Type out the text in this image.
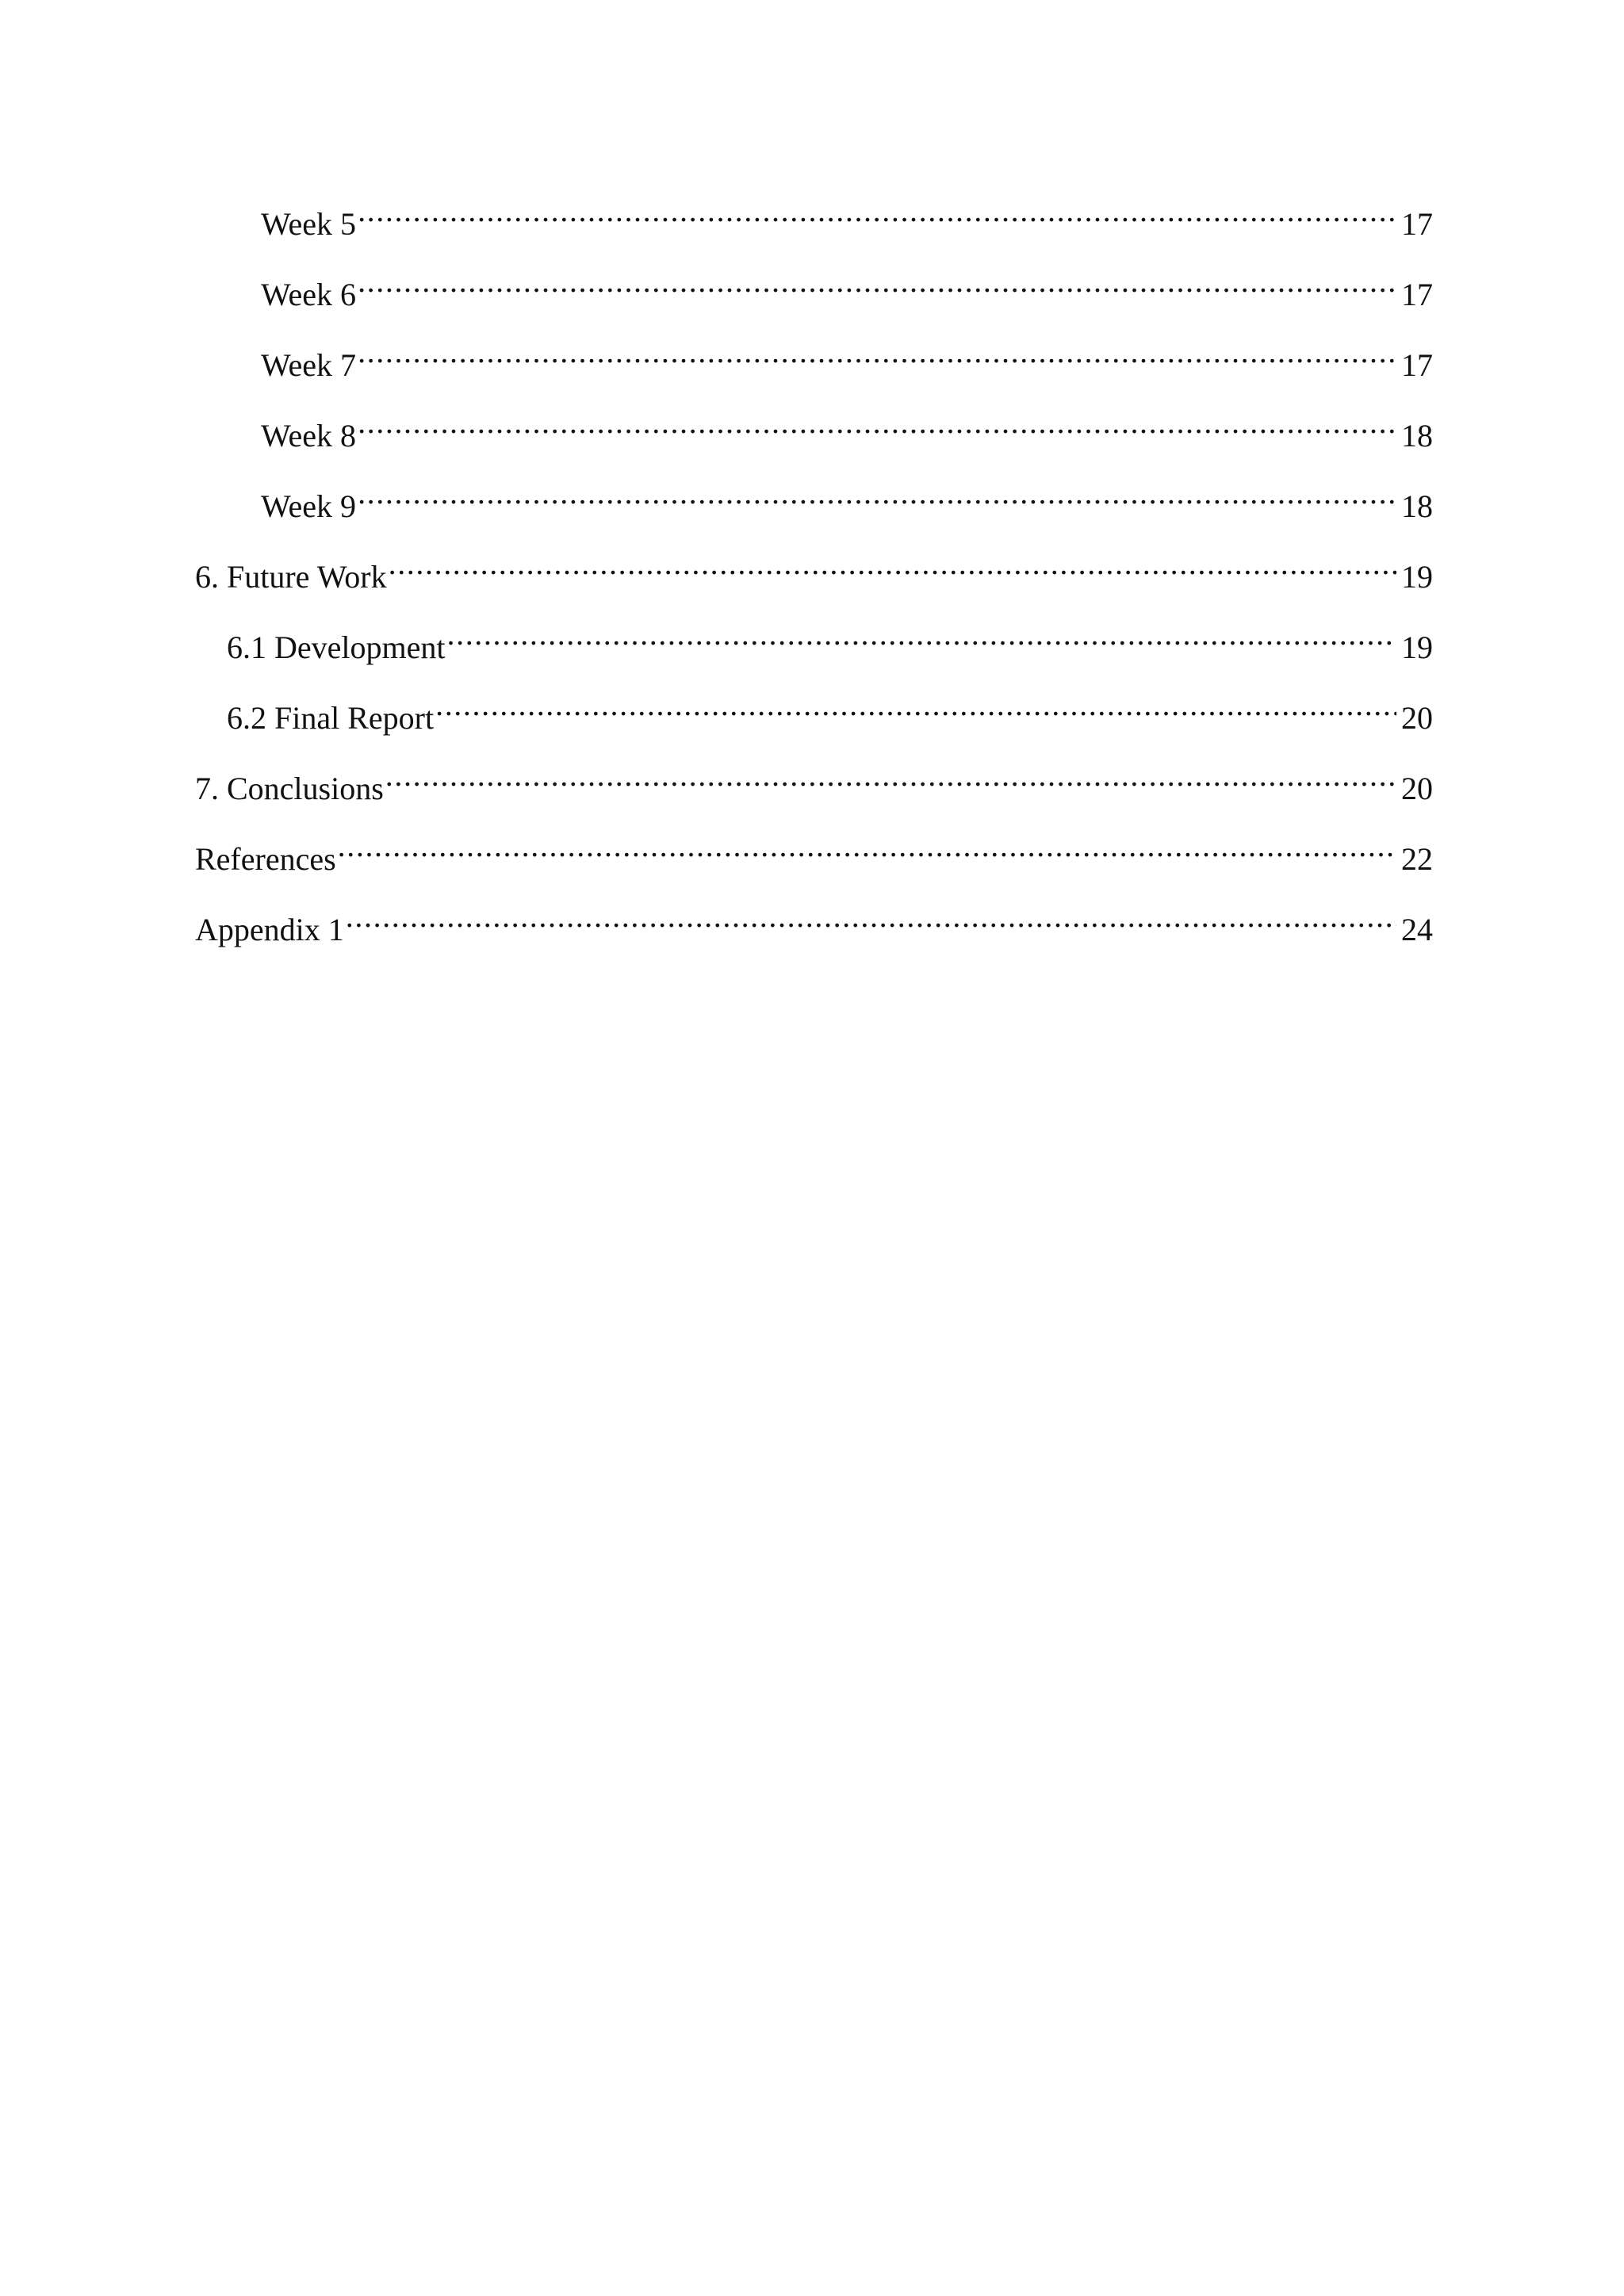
Week 5 .....	17
Week 6 .....	17
Week 7 .....	17
Week 8 .....	18
Week 9 .....	18
6. Future Work .....	19
6.1 Development .....	19
6.2 Final Report .....	20
7. Conclusions .....	20
References .....	22
Appendix 1 .....	24
